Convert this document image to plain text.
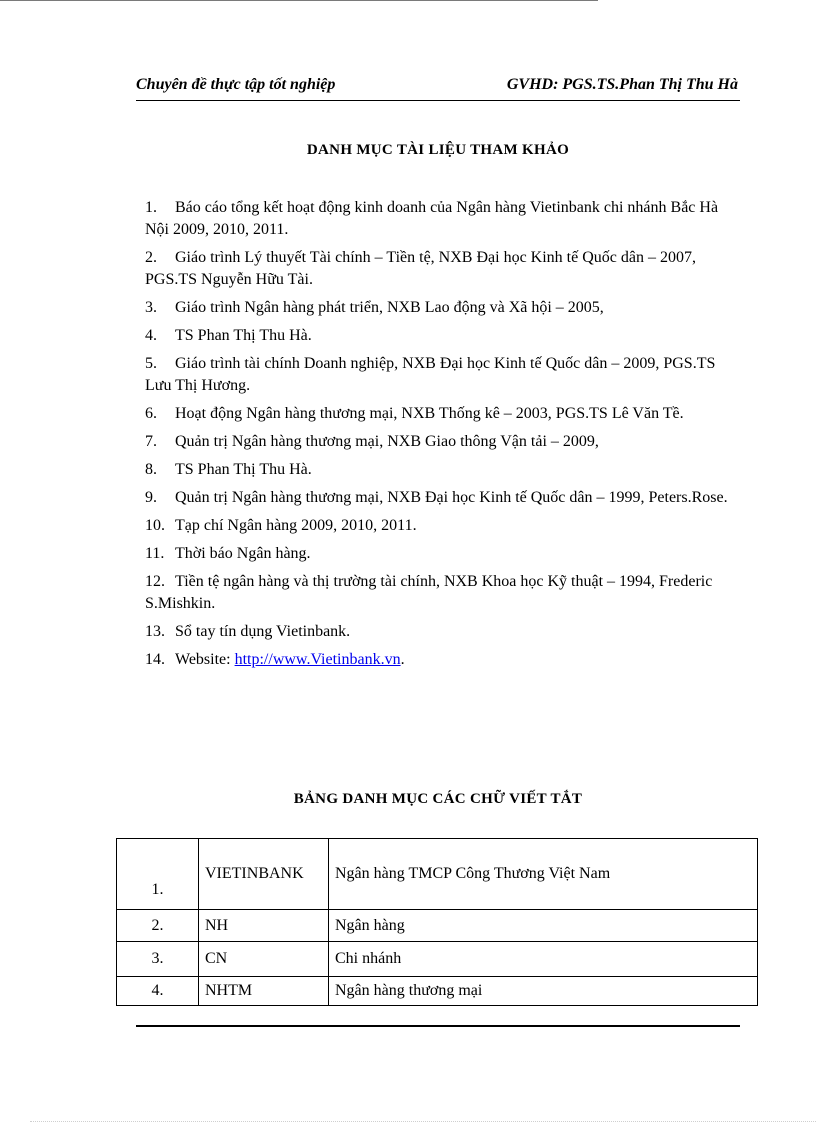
Chuyên đề thực tập tốt nghiệp	GVHD: PGS.TS.Phan Thị Thu Hà
DANH MỤC TÀI LIỆU THAM KHẢO
1.	Báo cáo tổng kết hoạt động kinh doanh của Ngân hàng Vietinbank chi nhánh Bắc Hà Nội 2009, 2010, 2011.
2.	Giáo trình Lý thuyết Tài chính – Tiền tệ, NXB Đại học Kinh tế Quốc dân – 2007, PGS.TS Nguyễn Hữu Tài.
3.	Giáo trình Ngân hàng phát triển, NXB Lao động và Xã hội – 2005,
4.	TS Phan Thị Thu Hà.
5.	Giáo trình tài chính Doanh nghiệp, NXB Đại học Kinh tế Quốc dân – 2009, PGS.TS Lưu Thị Hương.
6.	Hoạt động Ngân hàng thương mại, NXB Thống kê – 2003, PGS.TS Lê Văn Tề.
7.	Quản trị Ngân hàng thương mại, NXB Giao thông Vận tải – 2009,
8.	TS Phan Thị Thu Hà.
9.	Quản trị Ngân hàng thương mại, NXB Đại học Kinh tế Quốc dân – 1999, Peters.Rose.
10. Tạp chí Ngân hàng 2009, 2010, 2011.
11. Thời báo Ngân hàng.
12. Tiền tệ ngân hàng và thị trường tài chính, NXB Khoa học Kỹ thuật – 1994, Frederic S.Mishkin.
13. Sổ tay tín dụng Vietinbank.
14. Website: http://www.Vietinbank.vn.
BẢNG DANH MỤC CÁC CHỮ VIẾT TẮT
1.	VIETINBANK	Ngân hàng TMCP Công Thương Việt Nam
2.	NH	Ngân hàng
3.	CN	Chi nhánh
4.	NHTM	Ngân hàng thương mại
